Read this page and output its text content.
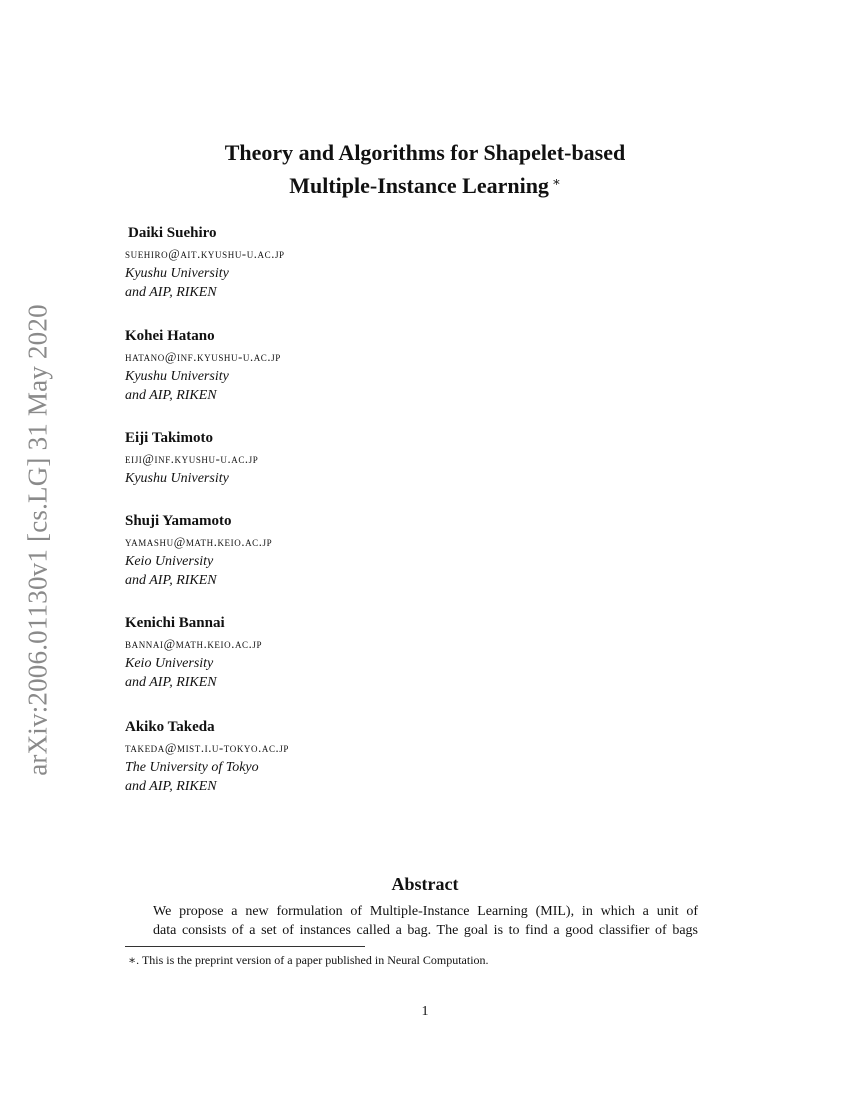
arXiv:2006.01130v1 [cs.LG] 31 May 2020
Theory and Algorithms for Shapelet-based
Multiple-Instance Learning ∗
Daiki Suehiro
suehiro@ait.kyushu-u.ac.jp
Kyushu University
and AIP, RIKEN
Kohei Hatano
hatano@inf.kyushu-u.ac.jp
Kyushu University
and AIP, RIKEN
Eiji Takimoto
eiji@inf.kyushu-u.ac.jp
Kyushu University
Shuji Yamamoto
yamashu@math.keio.ac.jp
Keio University
and AIP, RIKEN
Kenichi Bannai
bannai@math.keio.ac.jp
Keio University
and AIP, RIKEN
Akiko Takeda
takeda@mist.i.u-tokyo.ac.jp
The University of Tokyo
and AIP, RIKEN
Abstract
We propose a new formulation of Multiple-Instance Learning (MIL), in which a unit of
data consists of a set of instances called a bag. The goal is to find a good classifier of bags
∗. This is the preprint version of a paper published in Neural Computation.
1
